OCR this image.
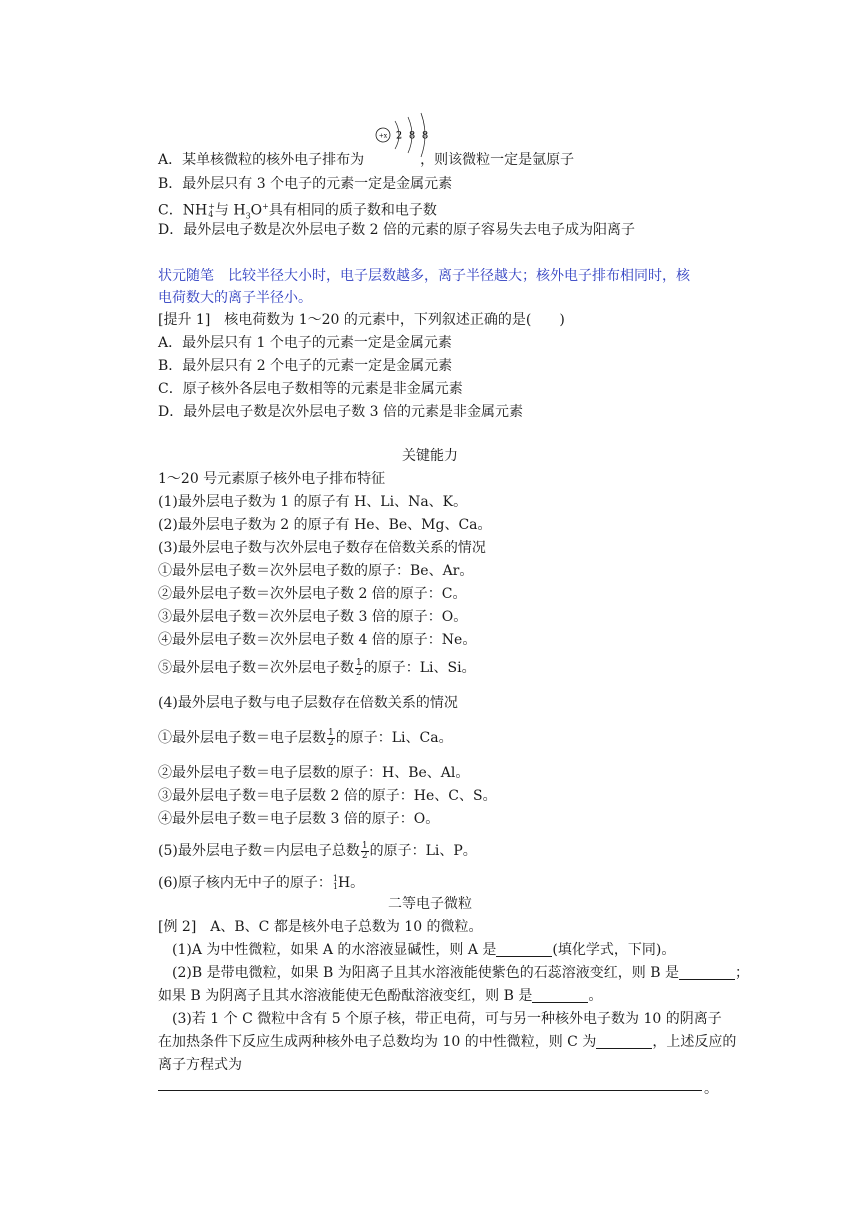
+x 2 8 8
A．某单核微粒的核外电子排布为	，则该微粒一定是氩原子
B．最外层只有 3 个电子的元素一定是金属元素
C．NH +
4 与 $H_3O^+$具有相同的质子数和电子数
D．最外层电子数是次外层电子数 2 倍的元素的原子容易失去电子成为阳离子
状元随笔　比较半径大小时，电子层数越多，离子半径越大；核外电子排布相同时，核
电荷数大的离子半径小。
[提升 1]　核电荷数为 1～20 的元素中，下列叙述正确的是(　　)
A．最外层只有 1 个电子的元素一定是金属元素
B．最外层只有 2 个电子的元素一定是金属元素
C．原子核外各层电子数相等的元素是非金属元素
D．最外层电子数是次外层电子数 3 倍的元素是非金属元素
关键能力
1～20 号元素原子核外电子排布特征
(1)最外层电子数为 1 的原子有 H、Li、Na、K。
(2)最外层电子数为 2 的原子有 He、Be、Mg、Ca。
(3)最外层电子数与次外层电子数存在倍数关系的情况
①最外层电子数＝次外层电子数的原子：Be、Ar。
②最外层电子数＝次外层电子数 2 倍的原子：C。
③最外层电子数＝次外层电子数 3 倍的原子：O。
④最外层电子数＝次外层电子数 4 倍的原子：Ne。
⑤最外层电子数＝次外层电子数 $\frac{1}{2}$ 的原子：Li、Si。
(4)最外层电子数与电子层数存在倍数关系的情况
①最外层电子数＝电子层数 $\frac{1}{2}$ 的原子：Li、Ca。
②最外层电子数＝电子层数的原子：H、Be、Al。
③最外层电子数＝电子层数 2 倍的原子：He、C、S。
④最外层电子数＝电子层数 3 倍的原子：O。
(5)最外层电子数＝内层电子总数 $\frac{1}{2}$ 的原子：Li、P。
(6)原子核内无中子的原子： 1
1 H。
二等电子微粒
[例 2]　A、B、C 都是核外电子总数为 10 的微粒。
(1)A 为中性微粒，如果 A 的水溶液显碱性，则 A 是	(填化学式，下同)。
(2)B 是带电微粒，如果 B 为阳离子且其水溶液能使紫色的石蕊溶液变红，则 B 是	；
如果 B 为阴离子且其水溶液能使无色酚酞溶液变红，则 B 是	。
(3)若 1 个 C 微粒中含有 5 个原子核，带正电荷，可与另一种核外电子数为 10 的阴离子
在加热条件下反应生成两种核外电子总数均为 10 的中性微粒，则 C 为	，上述反应的
离子方程式为
。
